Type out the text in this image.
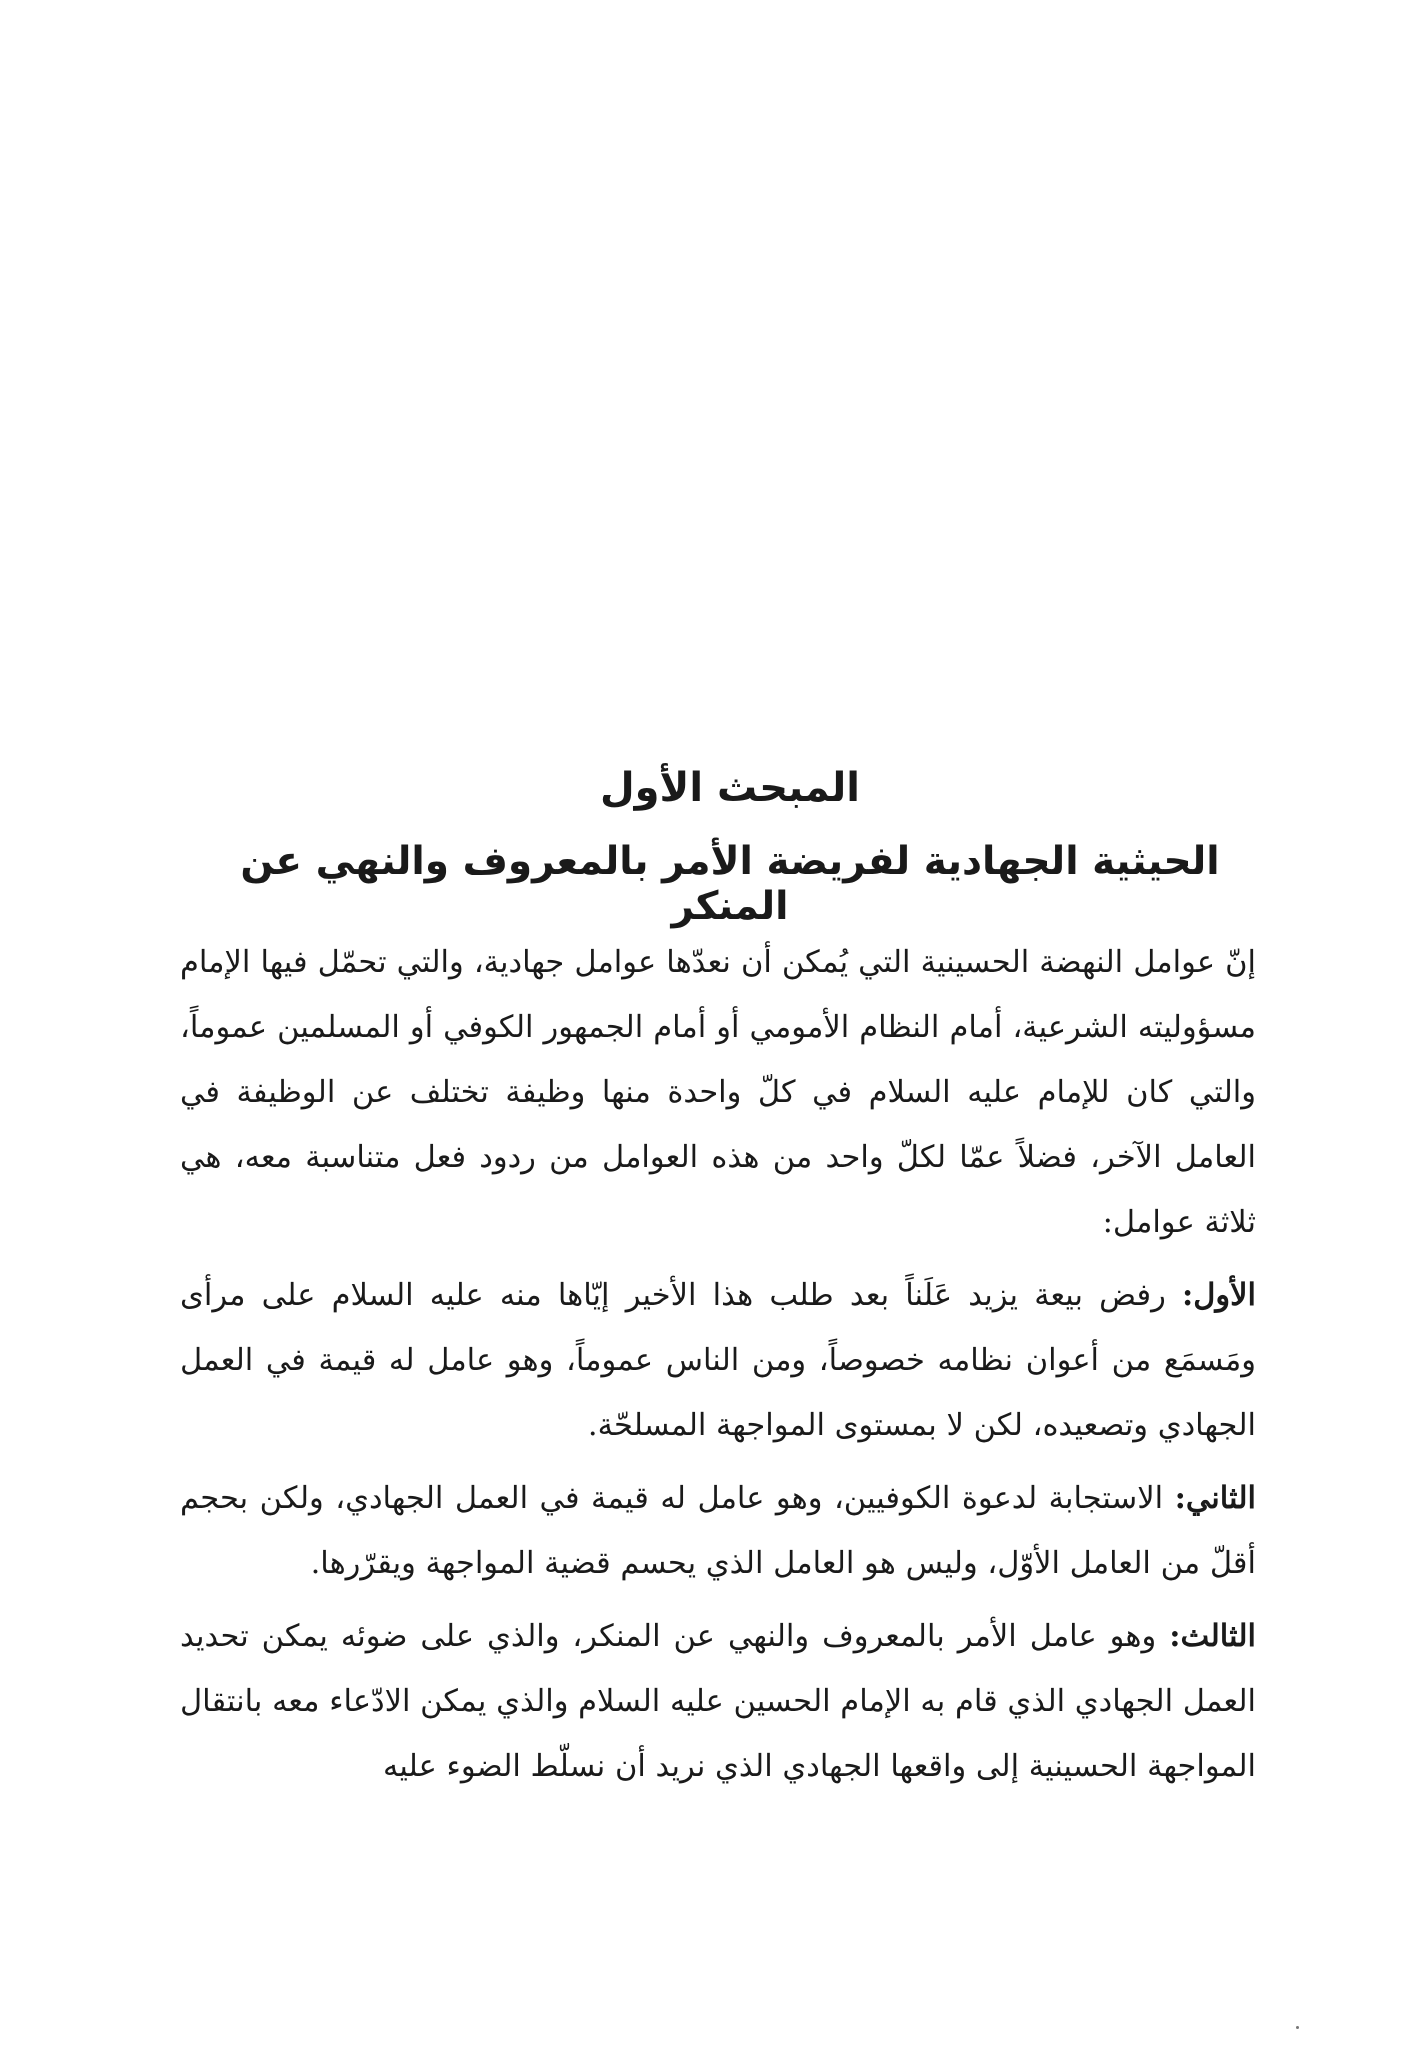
المبحث الأول
الحيثية الجهادية لفريضة الأمر بالمعروف والنهي عن المنكر

إنّ عوامل النهضة الحسينية التي يُمكن أن نعدّها عوامل جهادية، والتي تحمّل فيها الإمام مسؤوليته الشرعية، أمام النظام الأمومي أو أمام الجمهور الكوفي أو المسلمين عموماً، والتي كان للإمام عليه السلام في كلّ واحدة منها وظيفة تختلف عن الوظيفة في العامل الآخر، فضلاً عمّا لكلّ واحد من هذه العوامل من ردود فعل متناسبة معه، هي ثلاثة عوامل:

الأول: رفض بيعة يزيد عَلَناً بعد طلب هذا الأخير إيّاها منه عليه السلام على مرأى ومَسمَع من أعوان نظامه خصوصاً، ومن الناس عموماً، وهو عامل له قيمة في العمل الجهادي وتصعيده، لكن لا بمستوى المواجهة المسلحّة.

الثاني: الاستجابة لدعوة الكوفيين، وهو عامل له قيمة في العمل الجهادي، ولكن بحجم أقلّ من العامل الأوّل، وليس هو العامل الذي يحسم قضية المواجهة ويقرّرها.

الثالث: وهو عامل الأمر بالمعروف والنهي عن المنكر، والذي على ضوئه يمكن تحديد العمل الجهادي الذي قام به الإمام الحسين عليه السلام والذي يمكن الادّعاء معه بانتقال المواجهة الحسينية إلى واقعها الجهادي الذي نريد أن نسلّط الضوء عليه
